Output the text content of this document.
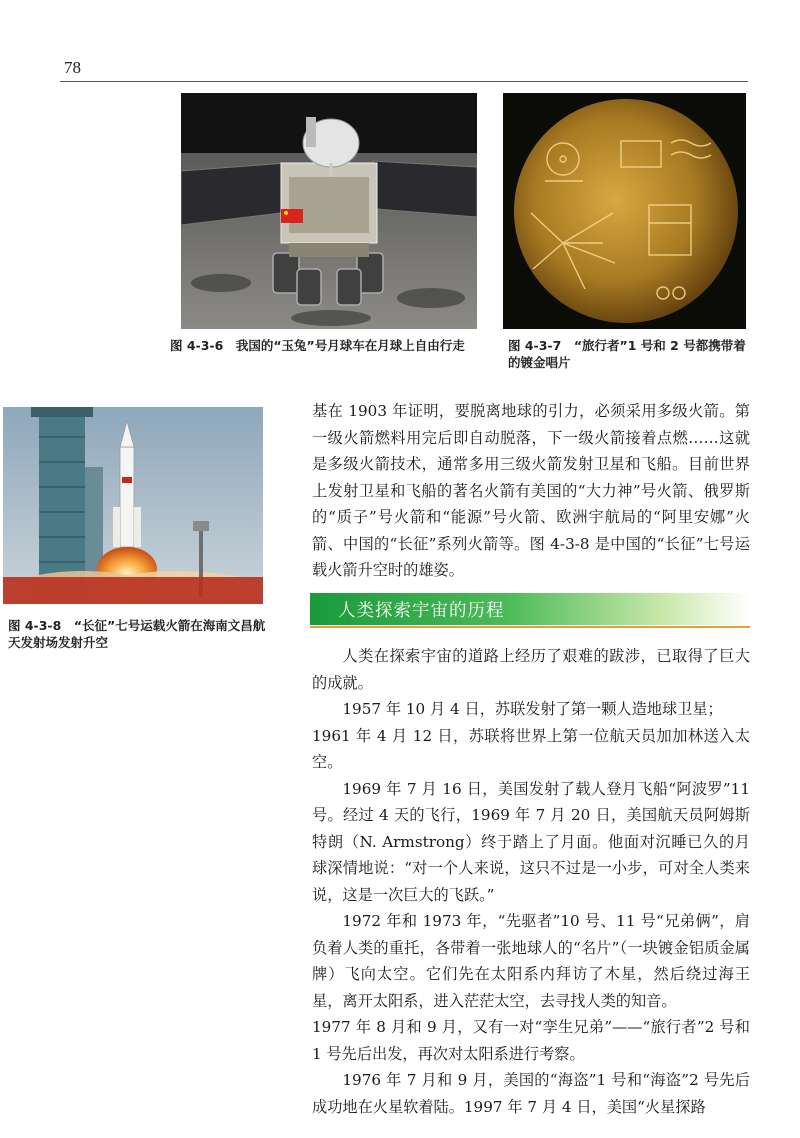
78
图 4-3-6　我国的“玉兔”号月球车在月球上自由行走	图 4-3-7　“旅行者”1 号和 2 号都携带着的镀金唱片
图 4-3-8　“长征”七号运载火箭在海南文昌航天发射场发射升空
基在 1903 年证明，要脱离地球的引力，必须采用多级火箭。第一级火箭燃料用完后即自动脱落，下一级火箭接着点燃……这就是多级火箭技术，通常多用三级火箭发射卫星和飞船。目前世界上发射卫星和飞船的著名火箭有美国的“大力神”号火箭、俄罗斯的“质子”号火箭和“能源”号火箭、欧洲宇航局的“阿里安娜”火箭、中国的“长征”系列火箭等。图 4-3-8 是中国的“长征”七号运载火箭升空时的雄姿。
人类探索宇宙的历程

人类在探索宇宙的道路上经历了艰难的跋涉，已取得了巨大的成就。

1957 年 10 月 4 日，苏联发射了第一颗人造地球卫星；

1961 年 4 月 12 日，苏联将世界上第一位航天员加加林送入太空。

1969 年 7 月 16 日，美国发射了载人登月飞船“阿波罗”11 号。经过 4 天的飞行，1969 年 7 月 20 日，美国航天员阿姆斯特朗（N. Armstrong）终于踏上了月面。他面对沉睡已久的月球深情地说：“对一个人来说，这只不过是一小步，可对全人类来说，这是一次巨大的飞跃。”

1972 年和 1973 年，“先驱者”10 号、11 号“兄弟俩”，肩负着人类的重托，各带着一张地球人的“名片”（一块镀金铝质金属牌）飞向太空。它们先在太阳系内拜访了木星，然后绕过海王星，离开太阳系，进入茫茫太空，去寻找人类的知音。

1977 年 8 月和 9 月，又有一对“孪生兄弟”——“旅行者”2 号和 1 号先后出发，再次对太阳系进行考察。

1976 年 7 月和 9 月，美国的“海盗”1 号和“海盗”2 号先后成功地在火星软着陆。1997 年 7 月 4 日，美国“火星探路
